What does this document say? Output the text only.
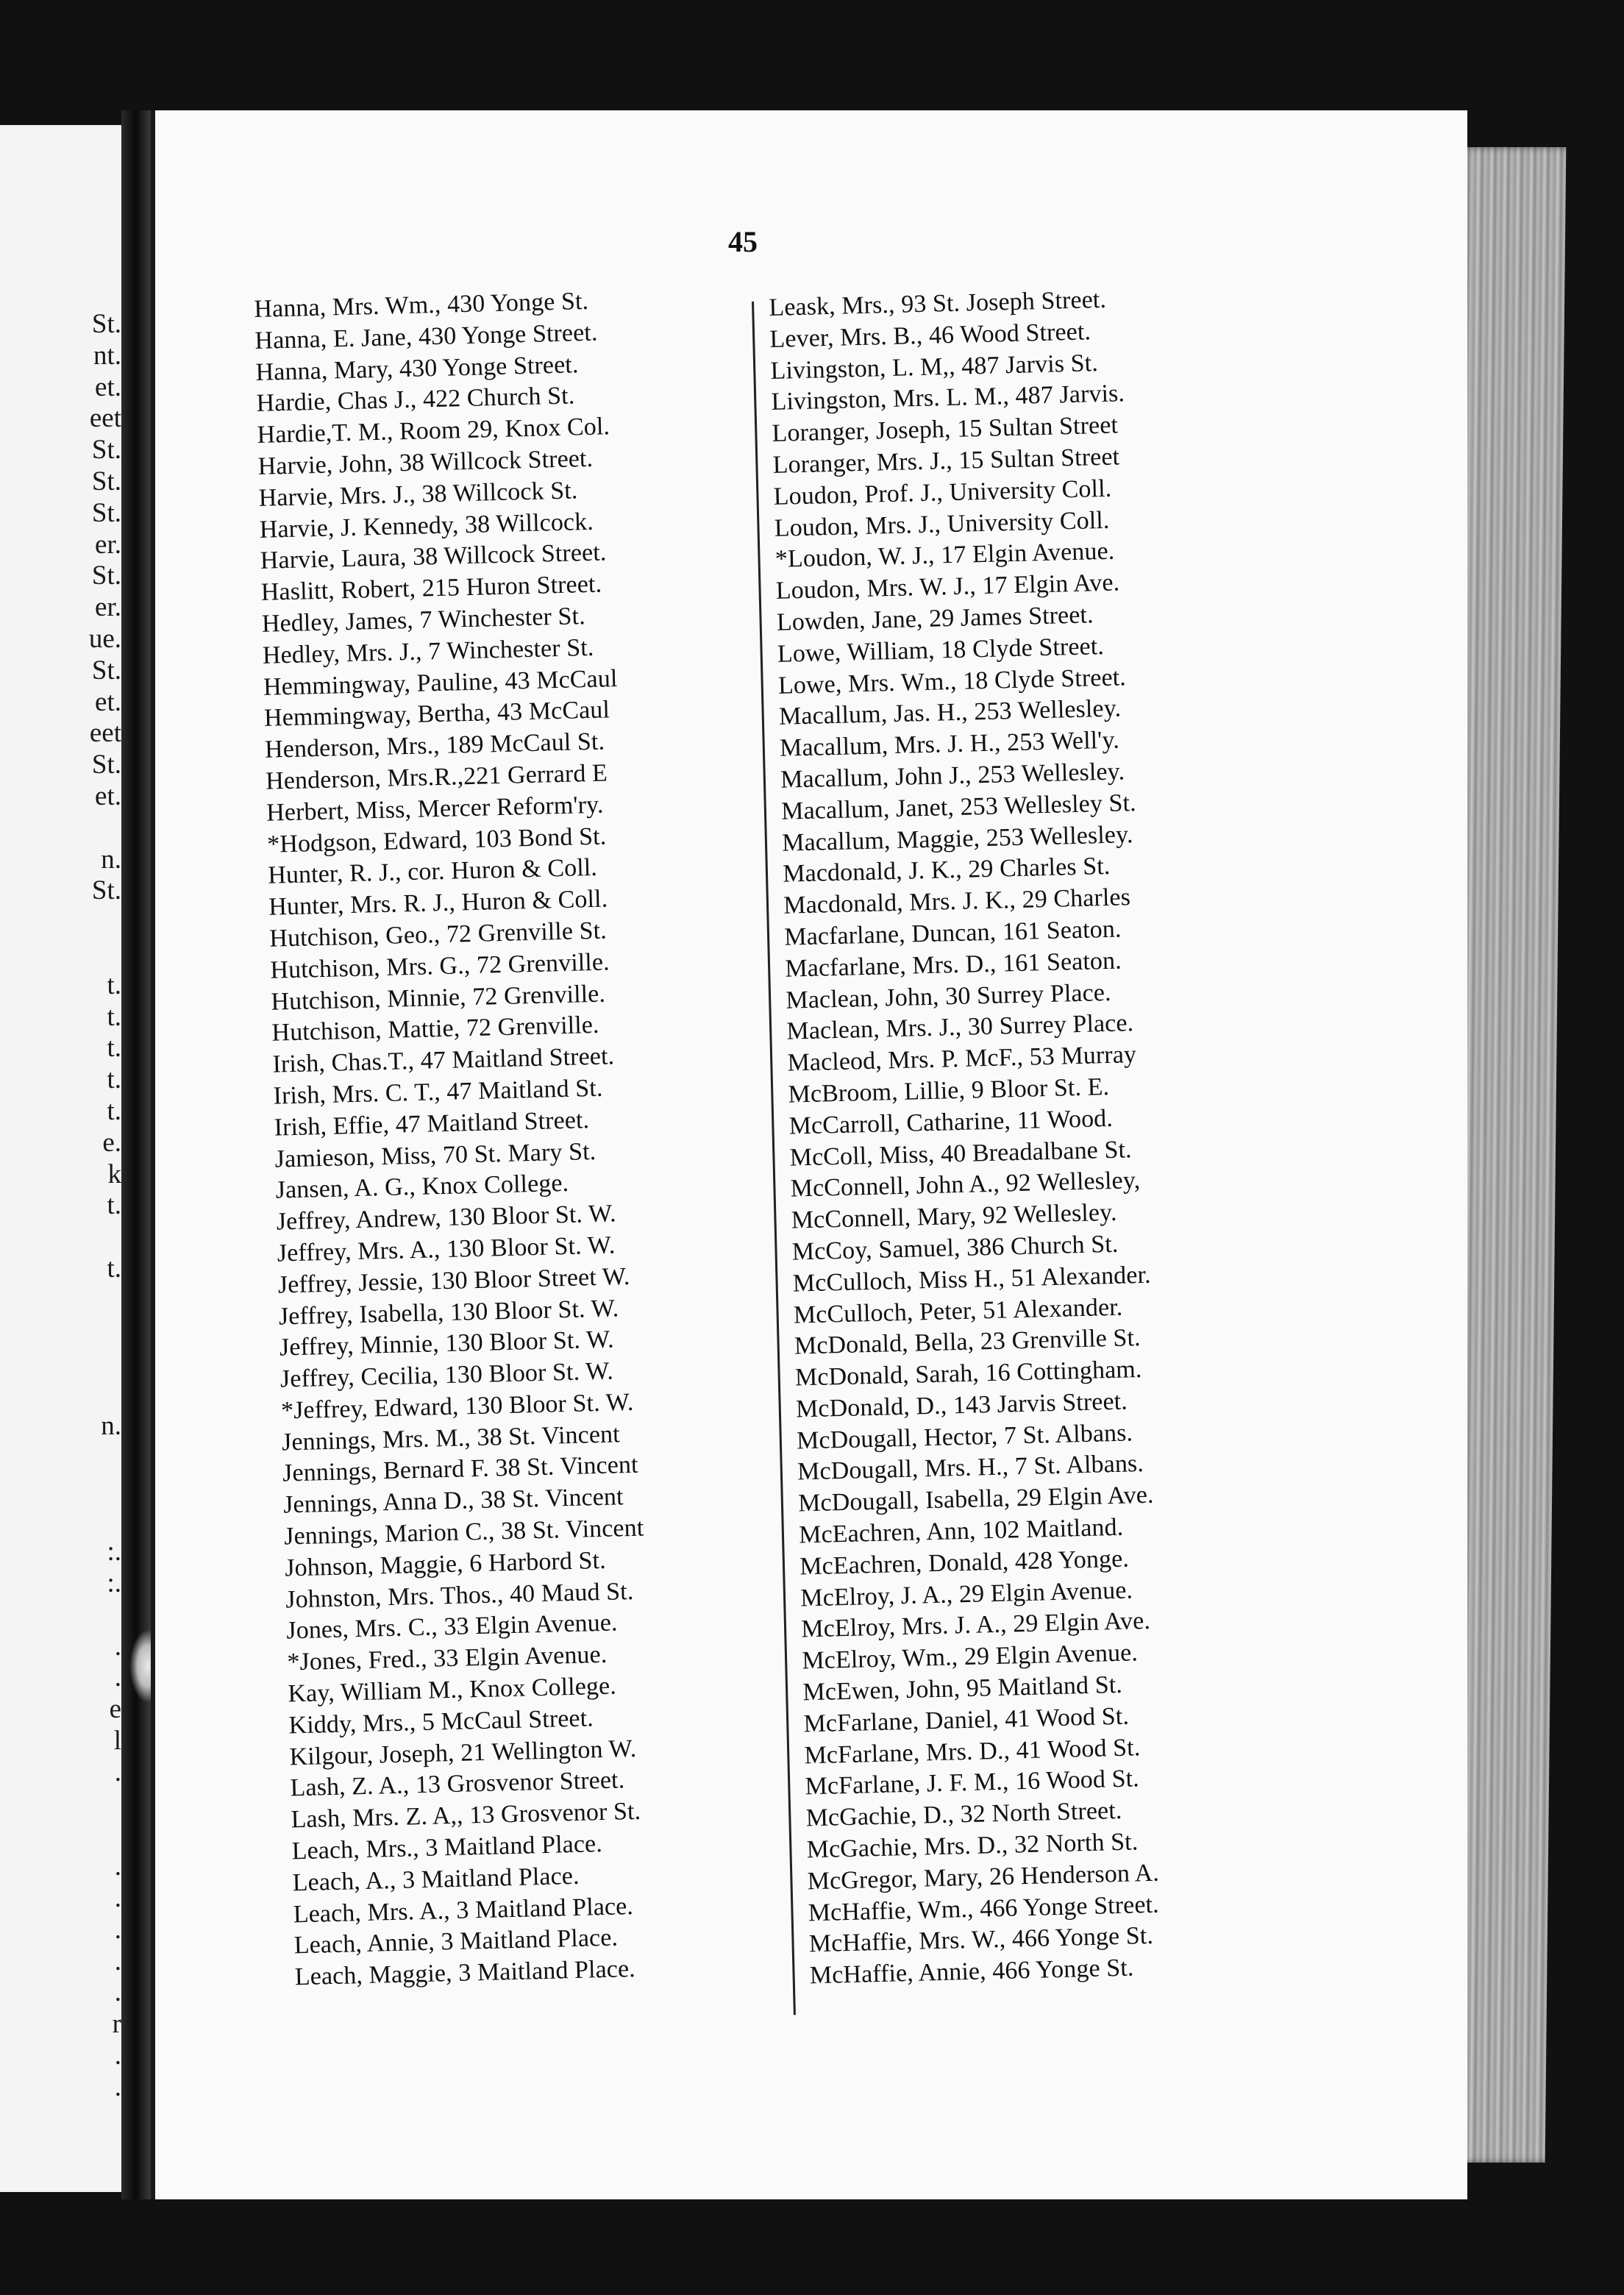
St.
nt.
et.
eet
St.
St.
St.
er.
St.
er.
ue.
St.
et.
eet
St.
et.
n.
St.
t.
t.
t.
t.
t.
e.
k
t.
t.
n.
:.
:.
.
.
e
l
.
.
.
.
.
.
r
.
.
45
Hanna, Mrs. Wm., 430 Yonge St.
Hanna, E. Jane, 430 Yonge Street.
Hanna, Mary, 430 Yonge Street.
Hardie, Chas J., 422 Church St.
Hardie,T. M., Room 29, Knox Col.
Harvie, John, 38 Willcock Street.
Harvie, Mrs. J., 38 Willcock St.
Harvie, J. Kennedy, 38 Willcock.
Harvie, Laura, 38 Willcock Street.
Haslitt, Robert, 215 Huron Street.
Hedley, James, 7 Winchester St.
Hedley, Mrs. J., 7 Winchester St.
Hemmingway, Pauline, 43 McCaul
Hemmingway, Bertha, 43 McCaul
Henderson, Mrs., 189 McCaul St.
Henderson, Mrs.R.,221 Gerrard E
Herbert, Miss, Mercer Reform'ry.
*Hodgson, Edward, 103 Bond St.
Hunter, R. J., cor. Huron & Coll.
Hunter, Mrs. R. J., Huron & Coll.
Hutchison, Geo., 72 Grenville St.
Hutchison, Mrs. G., 72 Grenville.
Hutchison, Minnie, 72 Grenville.
Hutchison, Mattie, 72 Grenville.
Irish, Chas.T., 47 Maitland Street.
Irish, Mrs. C. T., 47 Maitland St.
Irish, Effie, 47 Maitland Street.
Jamieson, Miss, 70 St. Mary St.
Jansen, A. G., Knox College.
Jeffrey, Andrew, 130 Bloor St. W.
Jeffrey, Mrs. A., 130 Bloor St. W.
Jeffrey, Jessie, 130 Bloor Street W.
Jeffrey, Isabella, 130 Bloor St. W.
Jeffrey, Minnie, 130 Bloor St. W.
Jeffrey, Cecilia, 130 Bloor St. W.
*Jeffrey, Edward, 130 Bloor St. W.
Jennings, Mrs. M., 38 St. Vincent
Jennings, Bernard F. 38 St. Vincent
Jennings, Anna D., 38 St. Vincent
Jennings, Marion C., 38 St. Vincent
Johnson, Maggie, 6 Harbord St.
Johnston, Mrs. Thos., 40 Maud St.
Jones, Mrs. C., 33 Elgin Avenue.
*Jones, Fred., 33 Elgin Avenue.
Kay, William M., Knox College.
Kiddy, Mrs., 5 McCaul Street.
Kilgour, Joseph, 21 Wellington W.
Lash, Z. A., 13 Grosvenor Street.
Lash, Mrs. Z. A,, 13 Grosvenor St.
Leach, Mrs., 3 Maitland Place.
Leach, A., 3 Maitland Place.
Leach, Mrs. A., 3 Maitland Place.
Leach, Annie, 3 Maitland Place.
Leach, Maggie, 3 Maitland Place.
Leask, Mrs., 93 St. Joseph Street.
Lever, Mrs. B., 46 Wood Street.
Livingston, L. M,, 487 Jarvis St.
Livingston, Mrs. L. M., 487 Jarvis.
Loranger, Joseph, 15 Sultan Street
Loranger, Mrs. J., 15 Sultan Street
Loudon, Prof. J., University Coll.
Loudon, Mrs. J., University Coll.
*Loudon, W. J., 17 Elgin Avenue.
Loudon, Mrs. W. J., 17 Elgin Ave.
Lowden, Jane, 29 James Street.
Lowe, William, 18 Clyde Street.
Lowe, Mrs. Wm., 18 Clyde Street.
Macallum, Jas. H., 253 Wellesley.
Macallum, Mrs. J. H., 253 Well'y.
Macallum, John J., 253 Wellesley.
Macallum, Janet, 253 Wellesley St.
Macallum, Maggie, 253 Wellesley.
Macdonald, J. K., 29 Charles St.
Macdonald, Mrs. J. K., 29 Charles
Macfarlane, Duncan, 161 Seaton.
Macfarlane, Mrs. D., 161 Seaton.
Maclean, John, 30 Surrey Place.
Maclean, Mrs. J., 30 Surrey Place.
Macleod, Mrs. P. McF., 53 Murray
McBroom, Lillie, 9 Bloor St. E.
McCarroll, Catharine, 11 Wood.
McColl, Miss, 40 Breadalbane St.
McConnell, John A., 92 Wellesley,
McConnell, Mary, 92 Wellesley.
McCoy, Samuel, 386 Church St.
McCulloch, Miss H., 51 Alexander.
McCulloch, Peter, 51 Alexander.
McDonald, Bella, 23 Grenville St.
McDonald, Sarah, 16 Cottingham.
McDonald, D., 143 Jarvis Street.
McDougall, Hector, 7 St. Albans.
McDougall, Mrs. H., 7 St. Albans.
McDougall, Isabella, 29 Elgin Ave.
McEachren, Ann, 102 Maitland.
McEachren, Donald, 428 Yonge.
McElroy, J. A., 29 Elgin Avenue.
McElroy, Mrs. J. A., 29 Elgin Ave.
McElroy, Wm., 29 Elgin Avenue.
McEwen, John, 95 Maitland St.
McFarlane, Daniel, 41 Wood St.
McFarlane, Mrs. D., 41 Wood St.
McFarlane, J. F. M., 16 Wood St.
McGachie, D., 32 North Street.
McGachie, Mrs. D., 32 North St.
McGregor, Mary, 26 Henderson A.
McHaffie, Wm., 466 Yonge Street.
McHaffie, Mrs. W., 466 Yonge St.
McHaffie, Annie, 466 Yonge St.
